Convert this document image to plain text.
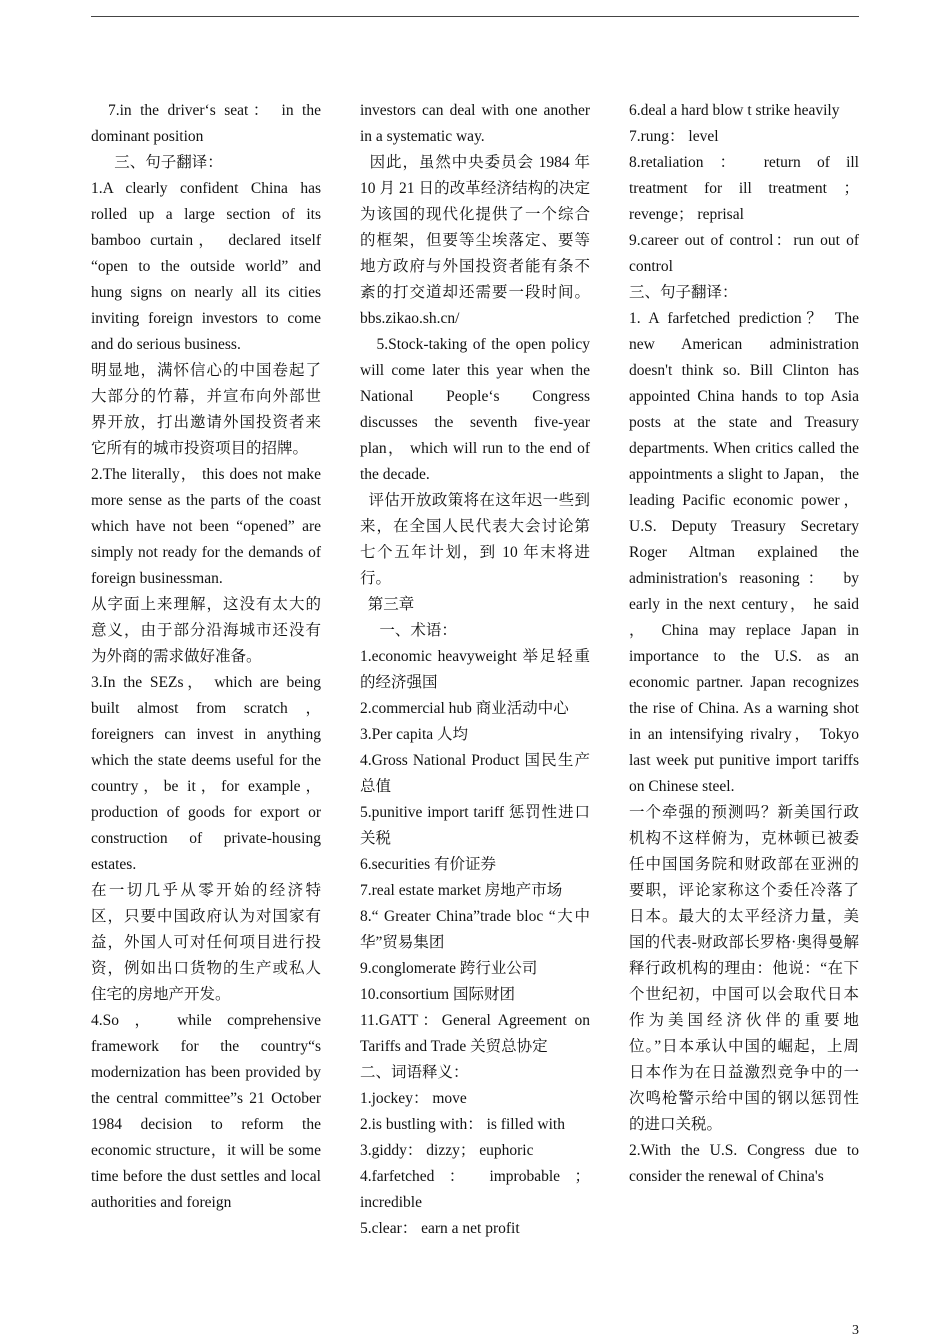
7.in the driver‘s seat： in the dominant position

三、句子翻译：

1.A clearly confident China has rolled up a large section of its bamboo curtain， declared itself “open to the outside world” and hung signs on nearly all its cities inviting foreign investors to come and do serious business.

明显地，满怀信心的中国卷起了大部分的竹幕，并宣布向外部世界开放，打出邀请外国投资者来它所有的城市投资项目的招牌。

2.The literally， this does not make more sense as the parts of the coast which have not been “opened” are simply not ready for the demands of foreign businessman.

从字面上来理解，这没有太大的意义，由于部分沿海城市还没有为外商的需求做好准备。

3.In the SEZs， which are being built almost from scratch ， foreigners can invest in anything which the state deems useful for the country，be it，for example，production of goods for export or construction of private-housing estates.

在一切几乎从零开始的经济特区，只要中国政府认为对国家有益，外国人可对任何项目进行投资，例如出口货物的生产或私人住宅的房地产开发。

4.So ， while comprehensive framework for the country“s modernization has been provided by the central committee”s 21 October 1984 decision to reform the economic structure，it will be some time before the dust settles and local authorities and foreign

investors can deal with one another in a systematic way.

因此，虽然中央委员会 1984 年 10 月 21 日的改革经济结构的决定为该国的现代化提供了一个综合的框架，但要等尘埃落定、要等地方政府与外国投资者能有条不紊的打交道却还需要一段时间。 bbs.zikao.sh.cn/

5.Stock-taking of the open policy will come later this year when the National People‘s Congress discusses the seventh five-year plan， which will run to the end of the decade.

评估开放政策将在这年迟一些到来，在全国人民代表大会讨论第七个五年计划，到 10 年末将进行。

第三章

一、术语：

1.economic heavyweight 举足轻重的经济强国

2.commercial hub 商业活动中心

3.Per capita 人均

4.Gross National Product 国民生产总值

5.punitive import tariff 惩罚性进口关税

6.securities 有价证券

7.real estate market 房地产市场

8.“ Greater China”trade bloc “大中华”贸易集团

9.conglomerate 跨行业公司

10.consortium 国际财团

11.GATT：General Agreement on Tariffs and Trade 关贸总协定

二、词语释义：

1.jockey： move

2.is bustling with： is filled with

3.giddy： dizzy； euphoric

4.farfetched ： improbable ； incredible

5.clear： earn a net profit

6.deal a hard blow t strike heavily

7.rung： level

8.retaliation ： return of ill treatment for ill treatment ； revenge； reprisal

9.career out of control：run out of control

三、句子翻译：

1. A farfetched prediction？ The new American administration doesn't think so. Bill Clinton has appointed China hands to top Asia posts at the state and Treasury departments. When critics called the appointments a slight to Japan， the leading Pacific economic power， U.S. Deputy Treasury Secretary Roger Altman explained the administration's reasoning： by early in the next century， he said ， China may replace Japan in importance to the U.S. as an economic partner. Japan recognizes the rise of China. As a warning shot in an intensifying rivalry， Tokyo last week put punitive import tariffs on Chinese steel.

一个牵强的预测吗？新美国行政机构不这样俯为，克林顿已被委任中国国务院和财政部在亚洲的要职，评论家称这个委任冷落了日本。最大的太平经济力量，美国的代表-财政部长罗格·奥得曼解释行政机构的理由：他说：“在下个世纪初，中国可以会取代日本作为美国经济伙伴的重要地位。”日本承认中国的崛起，上周日本作为在日益激烈竞争中的一次鸣枪警示给中国的钢以惩罚性的进口关税。

2.With the U.S. Congress due to consider the renewal of China's

3
